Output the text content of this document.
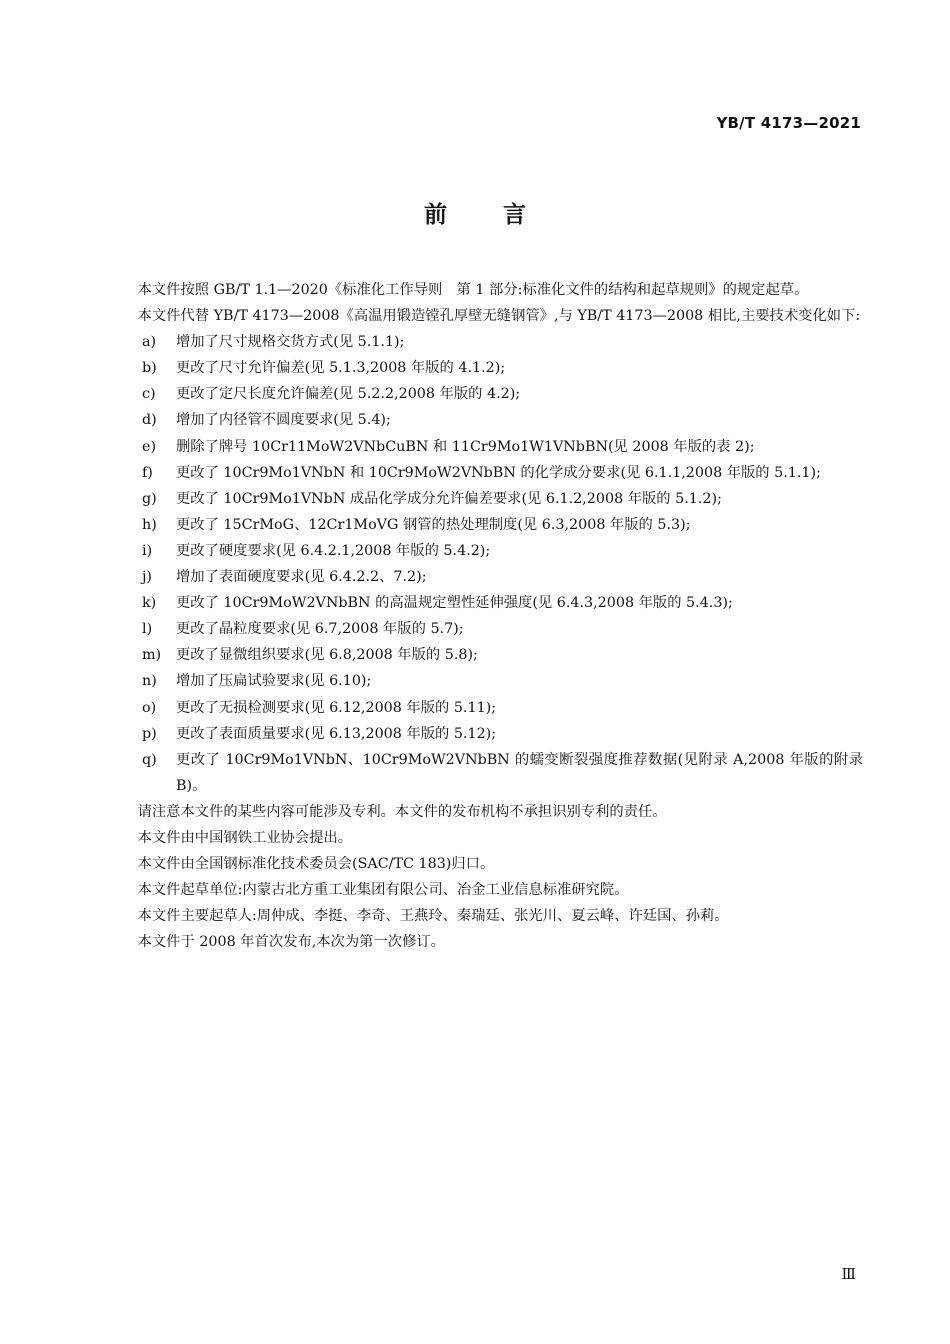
YB/T 4173—2021
前言

本文件按照 GB/T 1.1—2020《标准化工作导则　第 1 部分:标准化文件的结构和起草规则》的规定起草。

本文件代替 YB/T 4173—2008《高温用锻造镗孔厚壁无缝钢管》,与 YB/T 4173—2008 相比,主要技术变化如下:

a) 增加了尺寸规格交货方式(见 5.1.1);
b) 更改了尺寸允许偏差(见 5.1.3,2008 年版的 4.1.2);
c) 更改了定尺长度允许偏差(见 5.2.2,2008 年版的 4.2);
d) 增加了内径管不圆度要求(见 5.4);
e) 删除了牌号 10Cr11MoW2VNbCuBN 和 11Cr9Mo1W1VNbBN(见 2008 年版的表 2);
f) 更改了 10Cr9Mo1VNbN 和 10Cr9MoW2VNbBN 的化学成分要求(见 6.1.1,2008 年版的 5.1.1);
g) 更改了 10Cr9Mo1VNbN 成品化学成分允许偏差要求(见 6.1.2,2008 年版的 5.1.2);
h) 更改了 15CrMoG、12Cr1MoVG 钢管的热处理制度(见 6.3,2008 年版的 5.3);
i) 更改了硬度要求(见 6.4.2.1,2008 年版的 5.4.2);
j) 增加了表面硬度要求(见 6.4.2.2、7.2);
k) 更改了 10Cr9MoW2VNbBN 的高温规定塑性延伸强度(见 6.4.3,2008 年版的 5.4.3);
l) 更改了晶粒度要求(见 6.7,2008 年版的 5.7);
m) 更改了显微组织要求(见 6.8,2008 年版的 5.8);
n) 增加了压扁试验要求(见 6.10);
o) 更改了无损检测要求(见 6.12,2008 年版的 5.11);
p) 更改了表面质量要求(见 6.13,2008 年版的 5.12);
q) 更改了 10Cr9Mo1VNbN、10Cr9MoW2VNbBN 的蠕变断裂强度推荐数据(见附录 A,2008 年版的附录 B)。

请注意本文件的某些内容可能涉及专利。本文件的发布机构不承担识别专利的责任。

本文件由中国钢铁工业协会提出。

本文件由全国钢标准化技术委员会(SAC/TC 183)归口。

本文件起草单位:内蒙古北方重工业集团有限公司、冶金工业信息标准研究院。

本文件主要起草人:周仲成、李挺、李奇、王燕玲、秦瑞廷、张光川、夏云峰、许廷国、孙莉。

本文件于 2008 年首次发布,本次为第一次修订。

Ⅲ
